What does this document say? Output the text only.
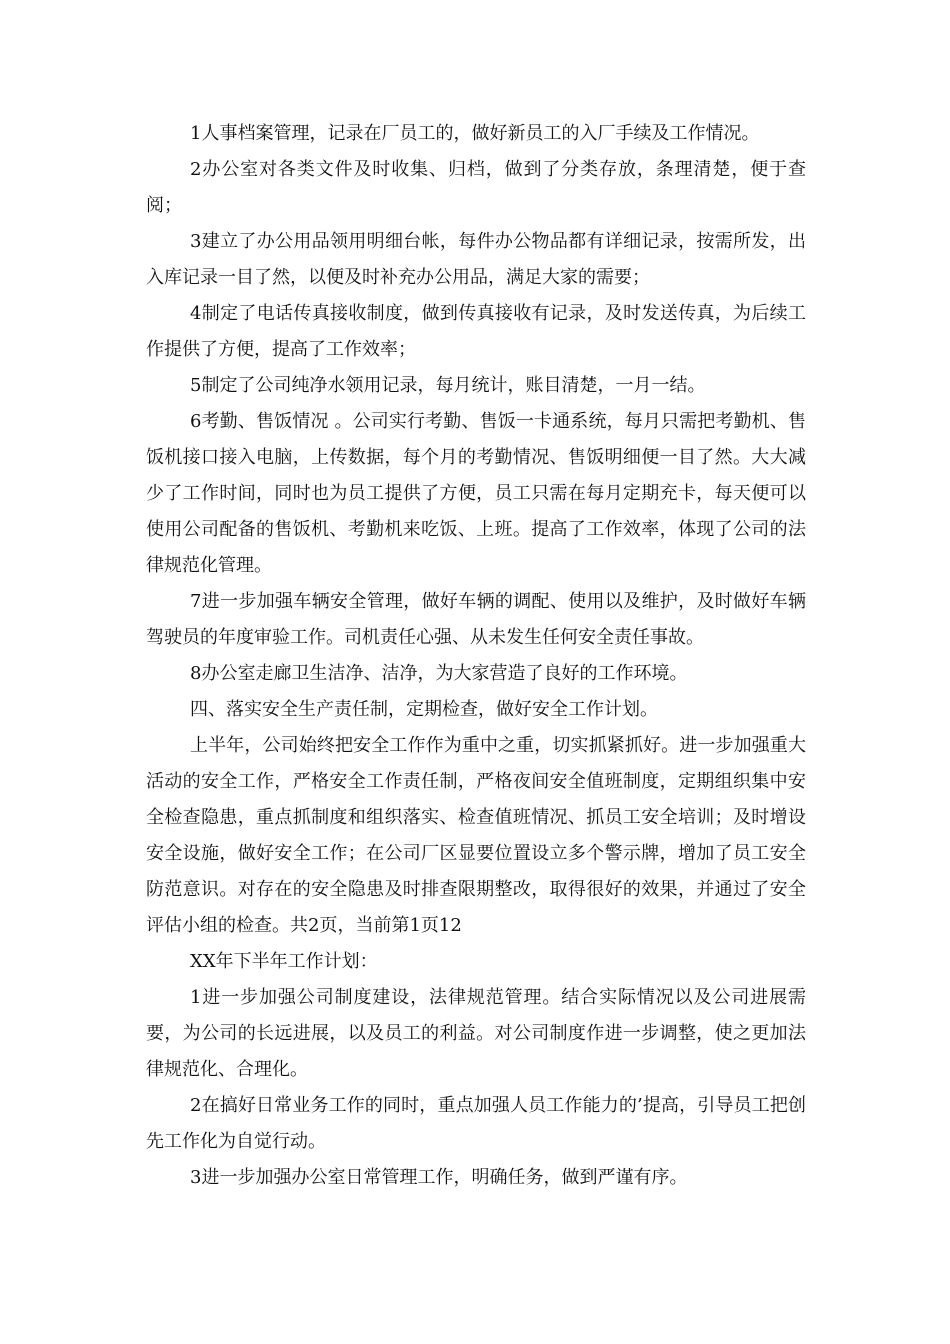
1人事档案管理，记录在厂员工的，做好新员工的入厂手续及工作情况。

2办公室对各类文件及时收集、归档，做到了分类存放，条理清楚，便于查阅；

3建立了办公用品领用明细台帐，每件办公物品都有详细记录，按需所发，出入库记录一目了然，以便及时补充办公用品，满足大家的需要；

4制定了电话传真接收制度，做到传真接收有记录，及时发送传真，为后续工作提供了方便，提高了工作效率；

5制定了公司纯净水领用记录，每月统计，账目清楚，一月一结。

6考勤、售饭情况 。公司实行考勤、售饭一卡通系统，每月只需把考勤机、售饭机接口接入电脑，上传数据，每个月的考勤情况、售饭明细便一目了然。大大减少了工作时间，同时也为员工提供了方便，员工只需在每月定期充卡，每天便可以使用公司配备的售饭机、考勤机来吃饭、上班。提高了工作效率，体现了公司的法律规范化管理。

7进一步加强车辆安全管理，做好车辆的调配、使用以及维护，及时做好车辆驾驶员的年度审验工作。司机责任心强、从未发生任何安全责任事故。

8办公室走廊卫生洁净、洁净，为大家营造了良好的工作环境。

四、落实安全生产责任制，定期检查，做好安全工作计划。

上半年，公司始终把安全工作作为重中之重，切实抓紧抓好。进一步加强重大活动的安全工作，严格安全工作责任制，严格夜间安全值班制度，定期组织集中安全检查隐患，重点抓制度和组织落实、检查值班情况、抓员工安全培训；及时增设安全设施，做好安全工作；在公司厂区显要位置设立多个警示牌，增加了员工安全防范意识。对存在的安全隐患及时排查限期整改，取得很好的效果，并通过了安全评估小组的检查。共2页，当前第1页12

XX年下半年工作计划：

1进一步加强公司制度建设，法律规范管理。结合实际情况以及公司进展需要，为公司的长远进展，以及员工的利益。对公司制度作进一步调整，使之更加法律规范化、合理化。

2在搞好日常业务工作的同时，重点加强人员工作能力的’提高，引导员工把创先工作化为自觉行动。

3进一步加强办公室日常管理工作，明确任务，做到严谨有序。
